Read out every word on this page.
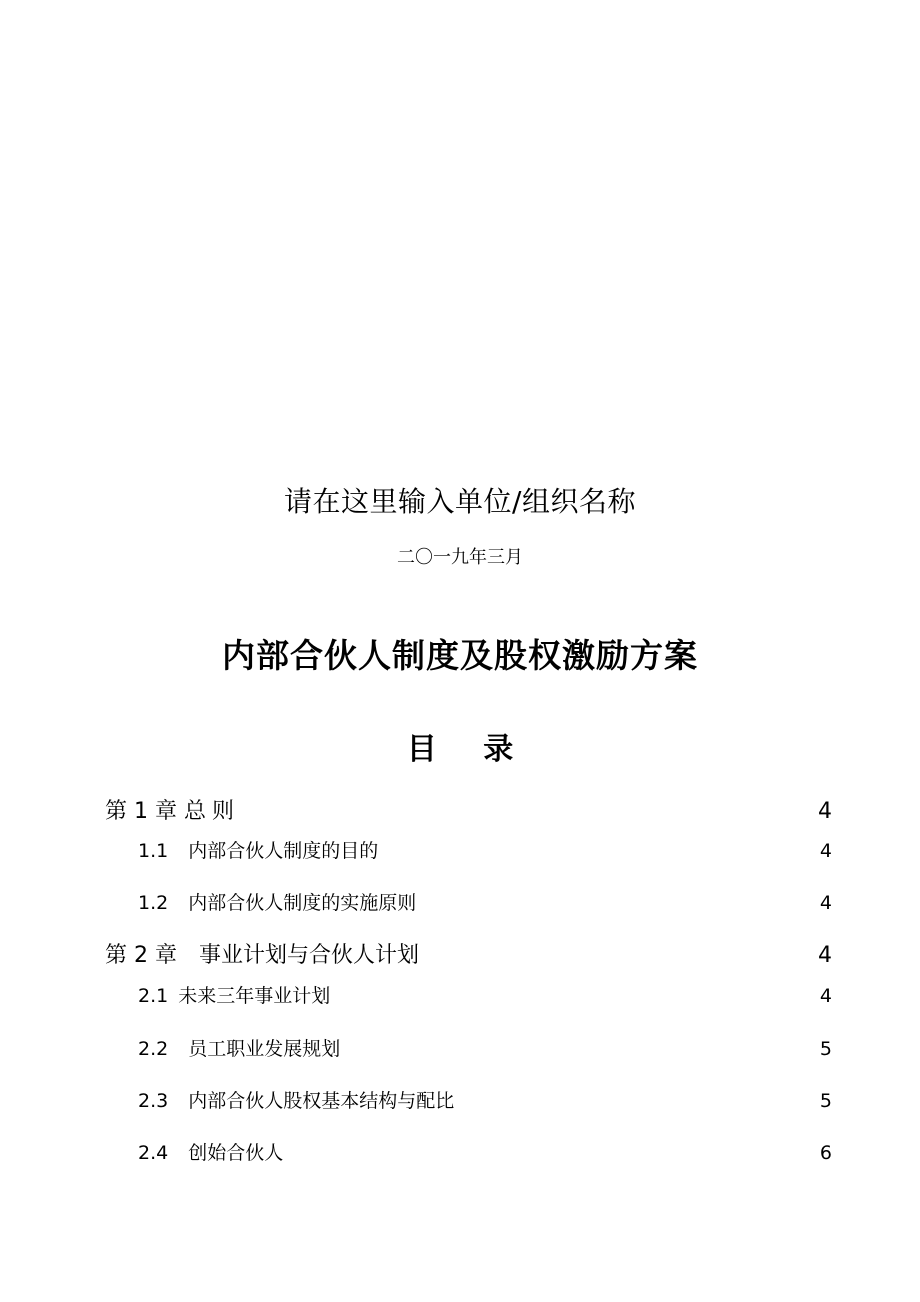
请在这里输入单位/组织名称
二〇一九年三月
内部合伙人制度及股权激励方案
目 录
第 1 章 总 则	4
1.1 内部合伙人制度的目的	4
1.2 内部合伙人制度的实施原则	4
第 2 章 事业计划与合伙人计划	4
2.1 未来三年事业计划	4
2.2 员工职业发展规划	5
2.3 内部合伙人股权基本结构与配比	5
2.4 创始合伙人	6
